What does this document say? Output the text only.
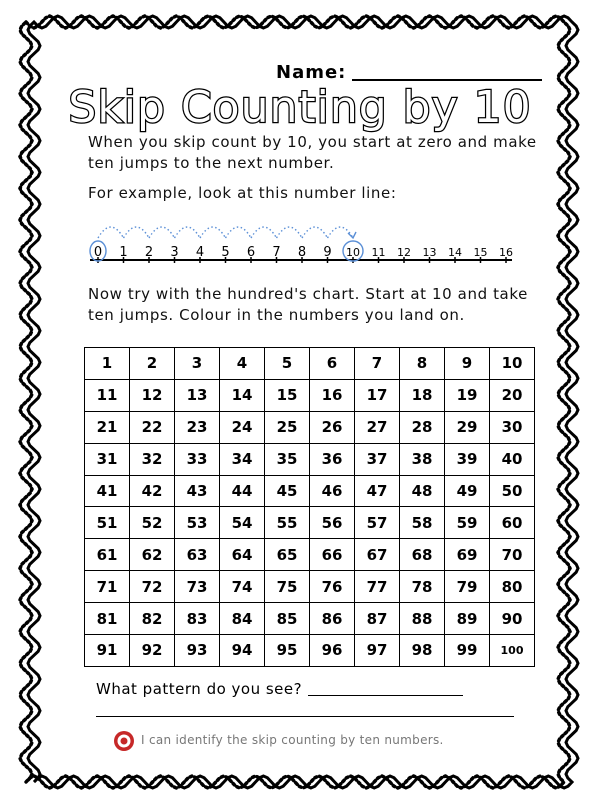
Name:
Skip Counting by 10
When you skip count by 10, you start at zero and make ten jumps to the next number.
For example, look at this number line:
0 1 2 3 4 5 6 7 8 9 10 11 12 13 14 15 16
Now try with the hundred's chart. Start at 10 and take ten jumps. Colour in the numbers you land on.
1	2	3	4	5	6	7	8	9	10
11	12	13	14	15	16	17	18	19	20
21	22	23	24	25	26	27	28	29	30
31	32	33	34	35	36	37	38	39	40
41	42	43	44	45	46	47	48	49	50
51	52	53	54	55	56	57	58	59	60
61	62	63	64	65	66	67	68	69	70
71	72	73	74	75	76	77	78	79	80
81	82	83	84	85	86	87	88	89	90
91	92	93	94	95	96	97	98	99	100
What pattern do you see?
I can identify the skip counting by ten numbers.
